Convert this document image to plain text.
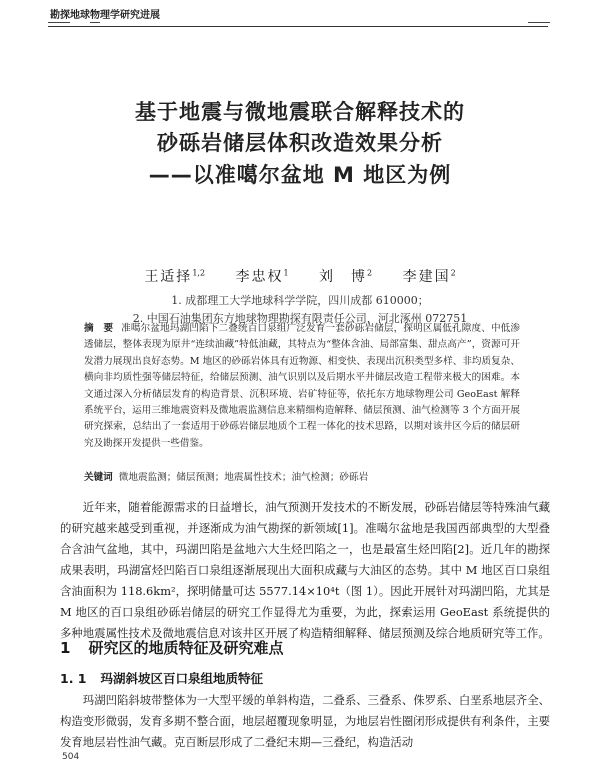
勘探地球物理学研究进展
基于地震与微地震联合解释技术的
砂砾岩储层体积改造效果分析
——以准噶尔盆地 M 地区为例
王适择$^{1,2}$ 李忠权$^1$ 刘　博$^2$ 李建国$^2$
1. 成都理工大学地球科学学院，四川成都 610000；
2. 中国石油集团东方地球物理勘探有限责任公司，河北涿州 072751

摘　要 准噶尔盆地玛湖凹陷下二叠统百口泉组广泛发育一套砂砾岩储层，探明区属低孔隙度、中低渗透储层，整体表现为原井“连续油藏”特低油藏，其特点为“整体含油、局部富集、甜点高产”，资源可开发潜力展现出良好态势。M 地区的砂砾岩体具有近物源、相变快、表现出沉积类型多样、非均质复杂、横向非均质性强等储层特征，给储层预测、油气识别以及后期水平井储层改造工程带来极大的困难。本文通过深入分析储层发育的构造背景、沉积环境、岩矿特征等，依托东方地球物理公司 GeoEast 解释系统平台，运用三维地震资料及微地震监测信息来精细构造解释、储层预测、油气检测等 3 个方面开展研究探索，总结出了一套适用于砂砾岩储层地质个工程一体化的技术思路，以期对该井区今后的储层研究及勘探开发提供一些借鉴。

关键词 微地震监测；储层预测；地震属性技术；油气检测；砂砾岩

近年来，随着能源需求的日益增长，油气预测开发技术的不断发展，砂砾岩储层等特殊油气藏的研究越来越受到重视，并逐渐成为油气勘探的新领域[1]。准噶尔盆地是我国西部典型的大型叠合含油气盆地，其中，玛湖凹陷是盆地六大生烃凹陷之一，也是最富生烃凹陷[2]。近几年的勘探成果表明，玛湖富烃凹陷百口泉组逐渐展现出大面积成藏与大油区的态势。其中 M 地区百口泉组含油面积为 118.6km²，探明储量可达 5577.14×10⁴t（图 1）。因此开展针对玛湖凹陷，尤其是 M 地区的百口泉组砂砾岩储层的研究工作显得尤为重要，为此，探索运用 GeoEast 系统提供的多种地震属性技术及微地震信息对该井区开展了构造精细解释、储层预测及综合地质研究等工作。

1 研究区的地质特征及研究难点
1. 1 玛湖斜坡区百口泉组地质特征

玛湖凹陷斜坡带整体为一大型平缓的单斜构造，二叠系、三叠系、侏罗系、白垩系地层齐全、构造变形微弱，发育多期不整合面，地层超覆现象明显，为地层岩性圈闭形成提供有利条件，主要发育地层岩性油气藏。克百断层形成了二叠纪末期—三叠纪，构造活动

504
